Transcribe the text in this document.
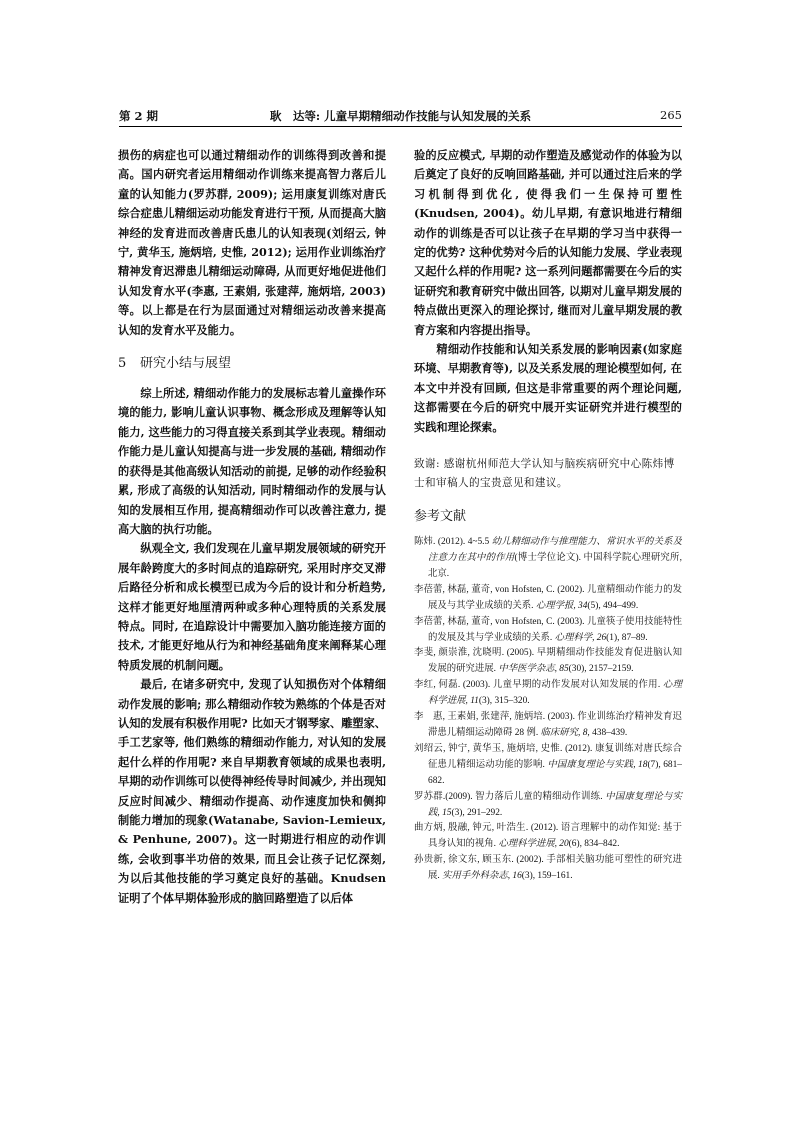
第 2 期	耿　达等: 儿童早期精细动作技能与认知发展的关系	265

损伤的病症也可以通过精细动作的训练得到改善和提高。国内研究者运用精细动作训练来提高智力落后儿童的认知能力(罗苏群, 2009); 运用康复训练对唐氏综合症患儿精细运动功能发育进行干预, 从而提高大脑神经的发育进而改善唐氏患儿的认知表现(刘绍云, 钟宁, 黄华玉, 施炳培, 史惟, 2012); 运用作业训练治疗精神发育迟滞患儿精细运动障碍, 从而更好地促进他们认知发育水平(李惠, 王素娟, 张建萍, 施炳培, 2003)等。以上都是在行为层面通过对精细运动改善来提高认知的发育水平及能力。

5 研究小结与展望

综上所述, 精细动作能力的发展标志着儿童操作环境的能力, 影响儿童认识事物、概念形成及理解等认知能力, 这些能力的习得直接关系到其学业表现。精细动作能力是儿童认知提高与进一步发展的基础, 精细动作的获得是其他高级认知活动的前提, 足够的动作经验积累, 形成了高级的认知活动, 同时精细动作的发展与认知的发展相互作用, 提高精细动作可以改善注意力, 提高大脑的执行功能。

纵观全文, 我们发现在儿童早期发展领域的研究开展年龄跨度大的多时间点的追踪研究, 采用时序交叉滞后路径分析和成长模型已成为今后的设计和分析趋势, 这样才能更好地厘清两种或多种心理特质的关系发展特点。同时, 在追踪设计中需要加入脑功能连接方面的技术, 才能更好地从行为和神经基础角度来阐释某心理特质发展的机制问题。

最后, 在诸多研究中, 发现了认知损伤对个体精细动作发展的影响; 那么精细动作较为熟练的个体是否对认知的发展有积极作用呢? 比如天才钢琴家、雕塑家、手工艺家等, 他们熟练的精细动作能力, 对认知的发展起什么样的作用呢? 来自早期教育领域的成果也表明, 早期的动作训练可以使得神经传导时间减少, 并出现知反应时间减少、精细动作提高、动作速度加快和侧抑制能力增加的现象(Watanabe, Savion-Lemieux, & Penhune, 2007)。这一时期进行相应的动作训练, 会收到事半功倍的效果, 而且会让孩子记忆深刻, 为以后其他技能的学习奠定良好的基础。Knudsen 证明了个体早期体验形成的脑回路塑造了以后体

验的反应模式, 早期的动作塑造及感觉动作的体验为以后奠定了良好的反响回路基础, 并可以通过注后来的学习机制得到优化, 使得我们一生保持可塑性(Knudsen, 2004)。幼儿早期, 有意识地进行精细动作的训练是否可以让孩子在早期的学习当中获得一定的优势? 这种优势对今后的认知能力发展、学业表现又起什么样的作用呢? 这一系列问题都需要在今后的实证研究和教育研究中做出回答, 以期对儿童早期发展的特点做出更深入的理论探讨, 继而对儿童早期发展的教育方案和内容提出指导。

精细动作技能和认知关系发展的影响因素(如家庭环境、早期教育等), 以及关系发展的理论模型如何, 在本文中并没有回顾, 但这是非常重要的两个理论问题, 这都需要在今后的研究中展开实证研究并进行模型的实践和理论探索。

致谢: 感谢杭州师范大学认知与脑疾病研究中心陈炜博士和审稿人的宝贵意见和建议。

参考文献

陈炜. (2012). 4~5.5 幼儿精细动作与推理能力、常识水平的关系及注意力在其中的作用(博士学位论文). 中国科学院心理研究所, 北京.

李蓓蕾, 林磊, 董奇, von Hofsten, C. (2002). 儿童精细动作能力的发展及与其学业成绩的关系. 心理学报, 34(5), 494–499.

李蓓蕾, 林磊, 董奇, von Hofsten, C. (2003). 儿童筷子使用技能特性的发展及其与学业成绩的关系. 心理科学, 26(1), 87–89.

李斐, 颜崇淮, 沈晓明. (2005). 早期精细动作技能发育促进脑认知发展的研究进展. 中华医学杂志, 85(30), 2157–2159.

李红, 何磊. (2003). 儿童早期的动作发展对认知发展的作用. 心理科学进展, 11(3), 315–320.

李　惠, 王素娟, 张建萍, 施炳培. (2003). 作业训练治疗精神发育迟滞患儿精细运动障碍 28 例. 临床研究, 8, 438–439.

刘绍云, 钟宁, 黄华玉, 施炳培, 史惟. (2012). 康复训练对唐氏综合征患儿精细运动功能的影响. 中国康复理论与实践, 18(7), 681–682.

罗苏群.(2009). 智力落后儿童的精细动作训练. 中国康复理论与实践, 15(3), 291–292.

曲方炳, 殷融, 钟元, 叶浩生. (2012). 语言理解中的动作知觉: 基于具身认知的视角. 心理科学进展, 20(6), 834–842.

孙贵新, 徐文东, 顾玉东. (2002). 手部相关脑功能可塑性的研究进展. 实用手外科杂志, 16(3), 159–161.
